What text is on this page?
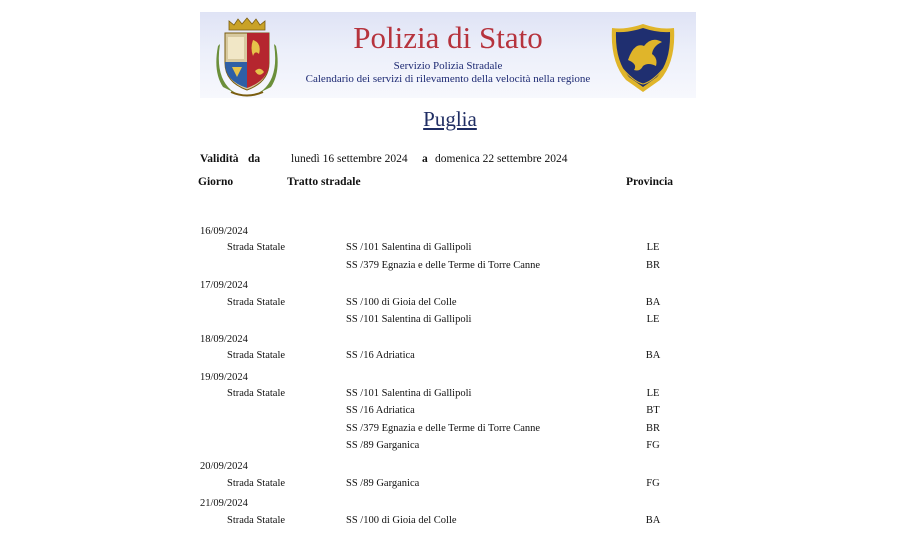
Polizia di Stato
Servizio Polizia Stradale
Calendario dei servizi di rilevamento della velocità nella regione
Puglia
Validità da	lunedì 16 settembre 2024 a domenica 22 settembre 2024
Giorno	Tratto stradale	Provincia
16/09/2024
Strada Statale	SS /101 Salentina di Gallipoli	LE
SS /379 Egnazia e delle Terme di Torre Canne	BR
17/09/2024
Strada Statale	SS /100 di Gioia del Colle	BA
SS /101 Salentina di Gallipoli	LE
18/09/2024
Strada Statale	SS /16 Adriatica	BA
19/09/2024
Strada Statale	SS /101 Salentina di Gallipoli	LE
SS /16 Adriatica	BT
SS /379 Egnazia e delle Terme di Torre Canne	BR
SS /89 Garganica	FG
20/09/2024
Strada Statale	SS /89 Garganica	FG
21/09/2024
Strada Statale	SS /100 di Gioia del Colle	BA
